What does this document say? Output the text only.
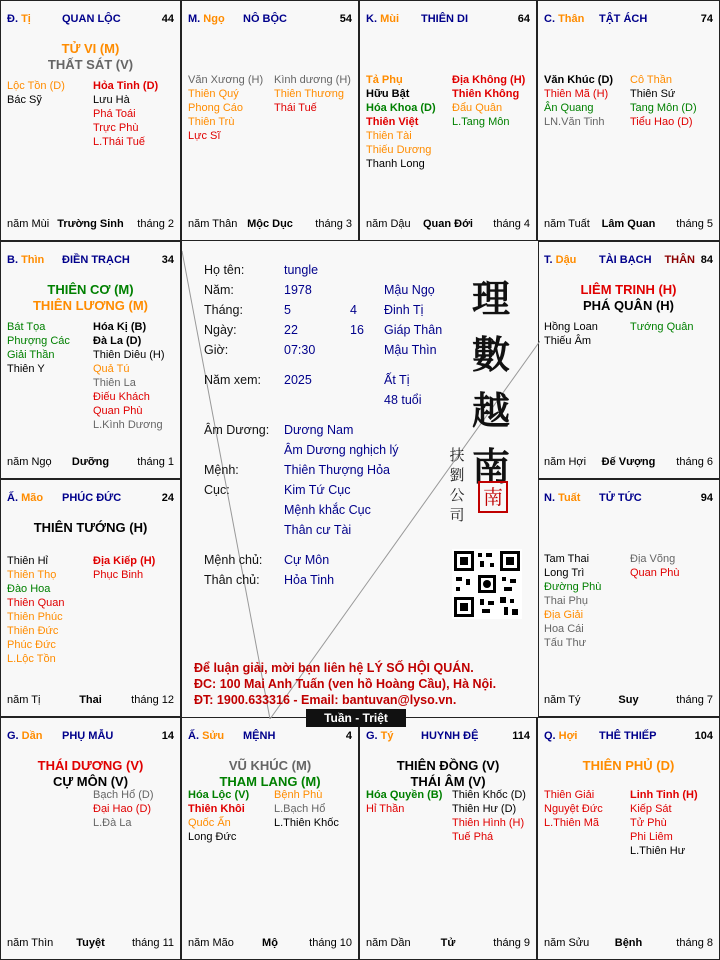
Đ. Tị	QUAN LỘC	44
TỬ VI (M)
THẤT SÁT (V)
Lộc Tồn (D)
Bác Sỹ
Hỏa Tinh (D)
Lưu Hà
Phá Toái
Trực Phù
L.Thái Tuế
năm Mùi Trường Sinh	tháng 2
M. Ngọ NÔ BỘC	54
Văn Xương (H)
Thiên Quý
Phong Cáo
Thiên Trù
Lực Sĩ
Kình dương (H)
Thiên Thương
Thái Tuế
năm Thân Mộc Dục	tháng 3
K. Mùi THIÊN DI	64
Tả Phụ
Hữu Bật
Hóa Khoa (D)
Thiên Việt
Thiên Tài
Thiếu Dương
Thanh Long
Địa Không (H)
Thiên Không
Đẩu Quân
L.Tang Môn
năm Dậu	Quan Đới	tháng 4
C. Thân TẬT ÁCH	74
Văn Khúc (D)
Thiên Mã (H)
Ân Quang
LN.Văn Tinh
Cô Thần
Thiên Sứ
Tang Môn (D)
Tiểu Hao (D)
năm Tuất	Lâm Quan	tháng 5
B. Thìn ĐIỀN TRẠCH	34
THIÊN CƠ (M)
THIÊN LƯƠNG (M)
Bát Tọa
Phượng Các
Giải Thần
Thiên Y
Hóa Kị (B)
Đà La (D)
Thiên Diêu (H)
Quả Tú
Thiên La
Điếu Khách
Quan Phù
L.Kình Dương
năm Ngọ	Dưỡng	tháng 1
T. Dậu TÀI BẠCH THÂN 84
LIÊM TRINH (H)
PHÁ QUÂN (H)
Hồng Loan
Thiếu Âm
Tướng Quân
năm Hợi	Đế Vượng	tháng 6
Ấ. Mão PHÚC ĐỨC	24
THIÊN TƯỚNG (H)
Thiên Hỉ
Thiên Thọ
Đào Hoa
Thiên Quan
Thiên Phúc
Thiên Đức
Phúc Đức
L.Lộc Tồn
Địa Kiếp (H)
Phục Binh
năm Tị	Thai	tháng 12
N. Tuất TỬ TỨC	94
Tam Thai
Long Trì
Đường Phù
Thai Phụ
Địa Giải
Hoa Cái
Tấu Thư
Địa Võng
Quan Phù
năm Tý	Suy	tháng 7
G. Dần PHỤ MẪU	14
THÁI DƯƠNG (V)
CỰ MÔN (V)
Bạch Hổ (D)
Đại Hao (D)
L.Đà La
năm Thìn	Tuyệt	tháng 11
Ấ. Sửu MỆNH	4
VŨ KHÚC (M)
THAM LANG (M)
Hóa Lộc (V)
Thiên Khôi
Quốc Ấn
Long Đức
Bệnh Phù
L.Bạch Hổ
L.Thiên Khốc
năm Mão	Mộ	tháng 10
G. Tý HUYNH ĐỆ	114
THIÊN ĐỒNG (V)
THÁI ÂM (V)
Hóa Quyền (B)
Hỉ Thần
Thiên Khốc (D)
Thiên Hư (D)
Thiên Hình (H)
Tuế Phá
năm Dần	Tử	tháng 9
Q. Hợi THÊ THIẾP	104
THIÊN PHỦ (D)
Thiên Giải
Nguyệt Đức
L.Thiên Mã
Linh Tinh (H)
Kiếp Sát
Tử Phù
Phi Liêm
L.Thiên Hư
năm Sửu	Bệnh	tháng 8
Họ tên:	tungle
Năm:	1978	Mậu Ngọ
Tháng:	5	4 Đinh Tị
Ngày:	22	16 Giáp Thân
Giờ:	07:30	Mậu Thìn
Năm xem: 2025	Ất Tị
48 tuổi
Âm Dương: Dương Nam
Âm Dương nghịch lý
Mệnh:	Thiên Thượng Hỏa
Cục:	Kim Tứ Cục
Mệnh khắc Cục
Thân cư Tài
Mệnh chủ: Cự Môn
Thân chủ: Hỏa Tinh
理
數
越
南
扶
劉
公
司
南
Để luận giải, mời bạn liên hệ LÝ SỐ HỘI QUÁN.
ĐC: 100 Mai Anh Tuấn (ven hồ Hoàng Cầu), Hà Nội.
ĐT: 1900.633316 - Email: bantuvan@lyso.vn.
Tuần - Triệt
